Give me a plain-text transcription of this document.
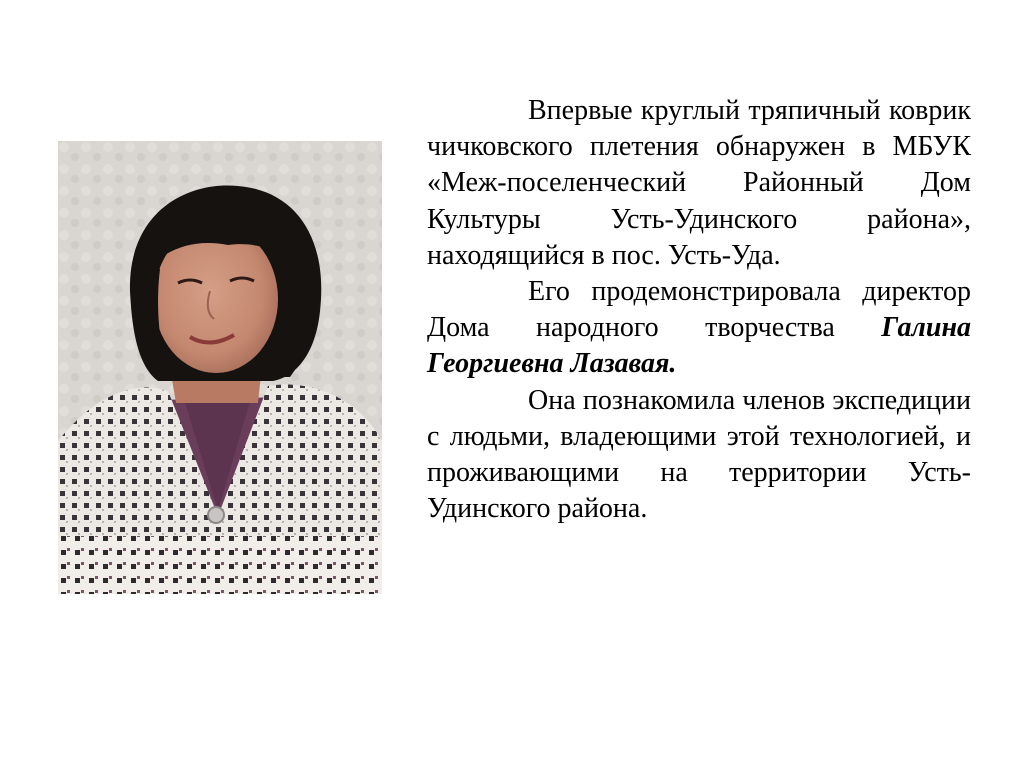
Впервые круглый тряпичный коврик чичковского плетения обнаружен в МБУК «Меж-поселенческий Районный Дом Культуры Усть-Удинского района», находящийся в пос. Усть-Уда.

Его продемонстрировала директор Дома народного творчества Галина Георгиевна Лазавая.

Она познакомила членов экспедиции с людьми, владеющими этой технологией, и проживающими на территории Усть-Удинского района.
